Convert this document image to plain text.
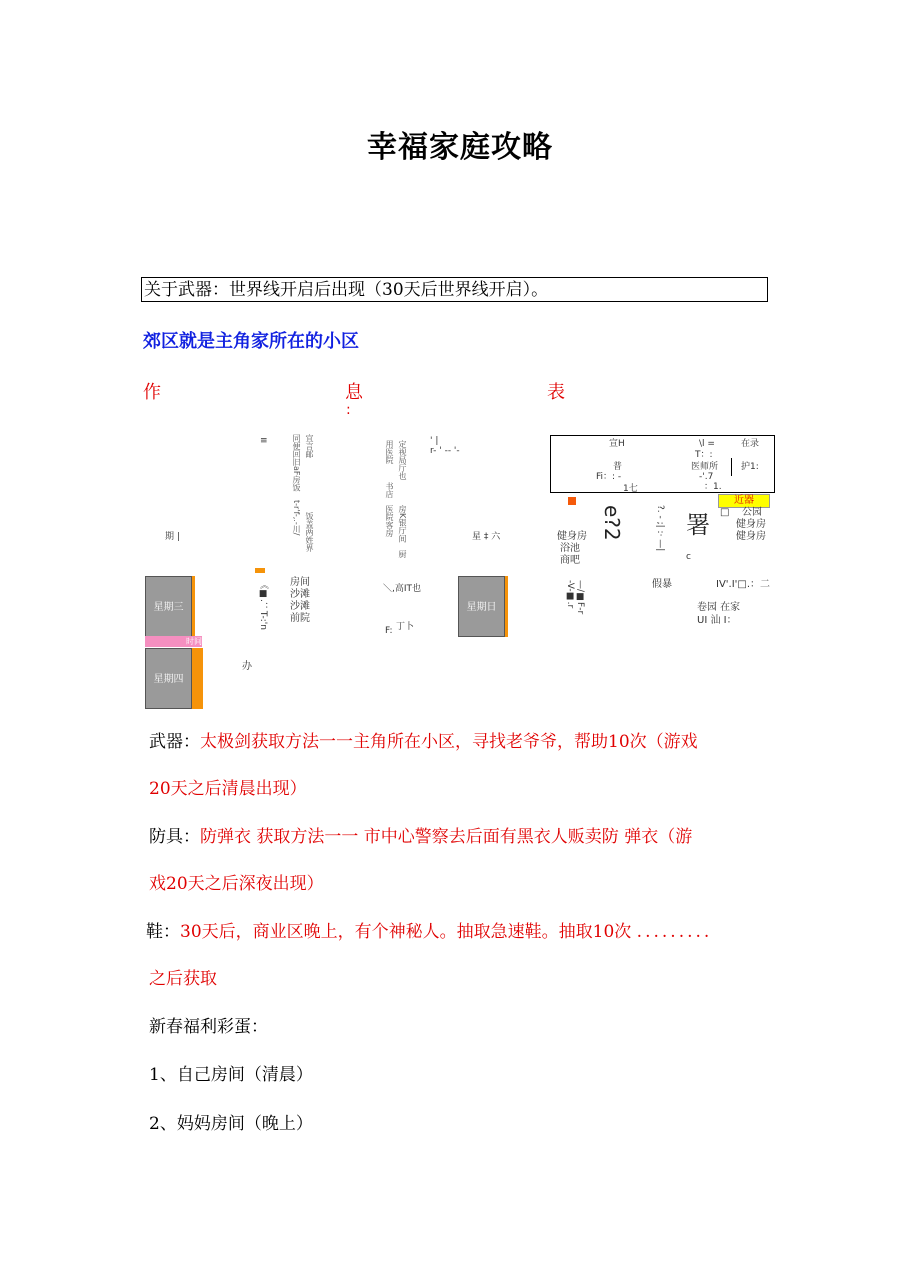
幸福家庭攻略
关于武器：世界线开启后出现（30天后世界线开启）。
郊区就是主角家所在的小区
作	息
:
表
同便回旧aF房饭 宜言邮
t-r'f-,.-川/ 饭盖两姓界
用医院 定视局厅也
书店
医院客房 房K银厅间
厨
≡	' |
r- ' -- '-
期 |	星 ‡ 六
《■.：T-:'n 房间
沙滩
沙滩
前院
＼,高IT也
F: 丁卜
办
星期三
时间
星期四
星期日
宣H	\l =	在录
T：:
普	医师所	护1:
Fi：: -	-'.7
1七	：1.
近器
□ 公园
健身房
健身房
健身房
浴池
商吧
e?2	?. - ;| :· —| 署
c
—∕■F-r
-V-■.r	假暴	IV'.I'□.：二
卷园 在家
UI 汕 I：
武器：太极剑获取方法一一主角所在小区，寻找老爷爷，帮助10次（游戏
20天之后清晨出现）
防具：防弹衣 获取方法一一 市中心警察去后面有黑衣人贩卖防 弹衣（游
戏20天之后深夜出现）
鞋：30天后，商业区晚上，有个神秘人。抽取急速鞋。抽取10次 .........
之后获取
新春福利彩蛋：
1、自己房间（清晨）
2、妈妈房间（晚上）
